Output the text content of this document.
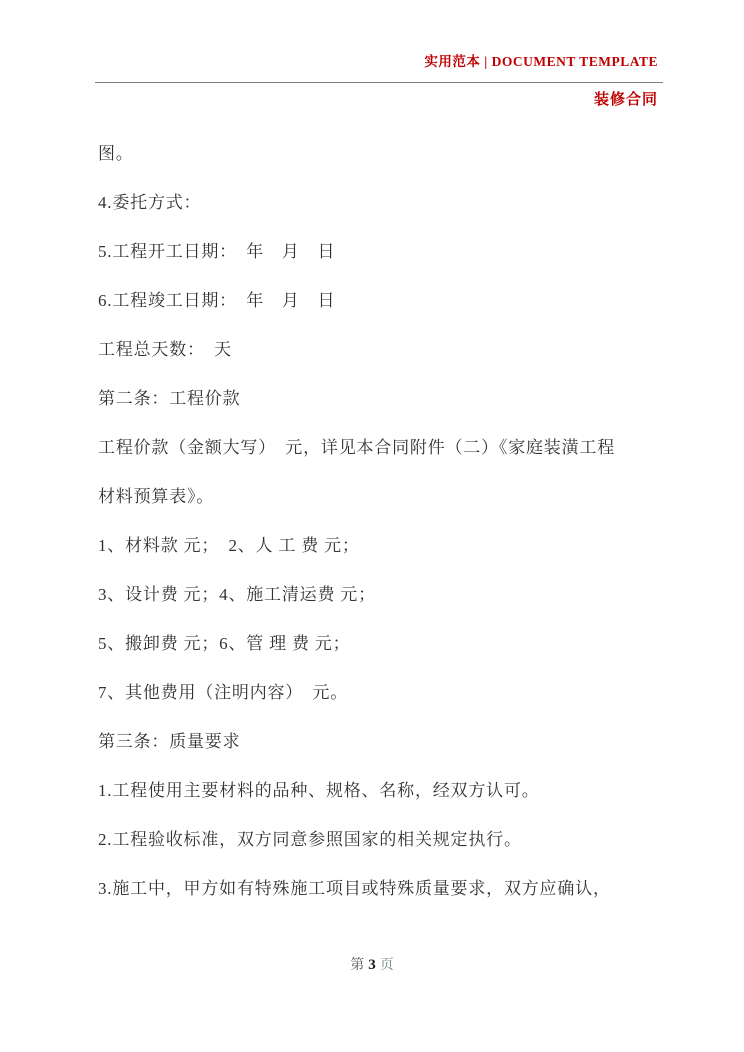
实用范本 | DOCUMENT TEMPLATE
装修合同

图。

4.委托方式：

5.工程开工日期：　年　月　日

6.工程竣工日期：　年　月　日

工程总天数：　天

第二条：工程价款

工程价款（金额大写）　元，详见本合同附件（二）《家庭装潢工程

材料预算表》。

1、材料款 元；　2、人 工 费 元；

3、设计费 元；4、施工清运费 元；

5、搬卸费 元；6、管 理 费 元；

7、其他费用（注明内容）　元。

第三条：质量要求

1.工程使用主要材料的品种、规格、名称，经双方认可。

2.工程验收标准，双方同意参照国家的相关规定执行。

3.施工中，甲方如有特殊施工项目或特殊质量要求，双方应确认，

第 3 页
